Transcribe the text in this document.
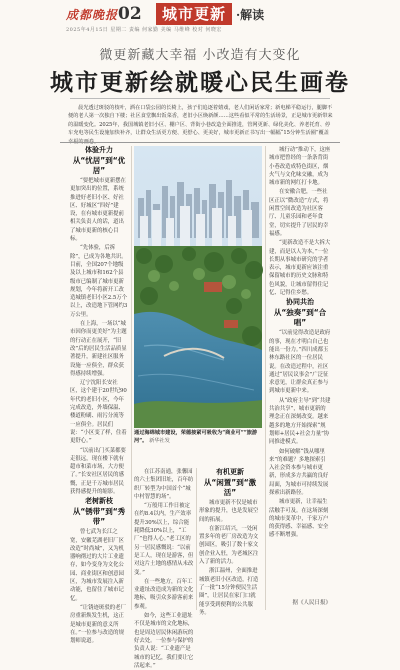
成都晚报 02	城市更新 ·解读
2025年4月15日 星期二 责编 何家勤 美编 马维峰 校对 何晓宏
微更新藏大幸福 小改造有大变化
城市更新绘就暖心民生画卷
晨光透过斑驳的枝叶，洒在口袋公园的长椅上，孩子们追逐着嬉戏，老人们闲话家常；新电梯平稳运行，腿脚不便的老人第一次独自下楼；社区食堂飘出饭菜香，老旧小区焕新颜……这些看似平常的生活场景，正是城市更新带来的温暖变化。2025年，我国城镇老旧小区、棚户区、背街小巷改造全面推进，管网更新、绿化美化、养老托育、停车充电等民生设施加快补齐，让群众生活更方便、更舒心、更美好，城市更新正书写出一幅幅“15分钟生活圈”覆盖

体验升力

从“忧居”到“优居”

“要把城市更新摆在更加突出的位置，系统推进好老旧小区、好社区、好城区“四好”建设，在有城市更新提前相关负责人的话，道出了城市更新的核心目标。

“先体验，后拆除”，已成为各地共识。目前，全国207个地级及以上城市和162个县级市已编制了城市更新规划，今年将新开工改造城镇老旧小区2.5万个以上，改造地下管网约3万公里。

在上海，一场以“城市因你而更美好”为主题的行动正在展开，“旧改”后的居民生活品质显著提升，新建社区服务设施一应俱全，群众获得感持续增强。

辽宁沈阳长安社区，这个建于20世纪90年代的老旧小区，今年完成改造，外墙保温、楼道粉刷、雨污分流等一应俱全。居民们说：“小区变了样，住着更舒心。”

“以前出门买菜都要走很远，现在楼下就有超市和菜市场，大方便了。”长安社区居民的感慨，正是千万城市居民获得感提升的缩影。

老树新枝

从“锈带”到“秀带”

曾七武为长江之宽，安徽芜湖老旧厂区改造“时尚城”，又为机器响彻过的大片工业遗存，如今变身为文化公园、商业街区和创意园区，为城市发展注入新动能，也留住了城市记忆。

“让锈迹斑驳的老厂房重新焕发生机，这正是城市更新的意义所在。”一位参与改造的规划师说道。

通过海绵城市建设，荣德接紧可吸收为“商业可”“旅游河”。 新华社发

在江苏南通，张馨园的六土集团旧址，百年纺织厂转型为中国首个“城中村智慧的场”。

“万般用工作日被定在约8.4以内，生产效率提升30%以上，综合能耗降低30%以上，“工厂”也得人心。”老工区的另一居民感慨说：“以前是工人，现在是游客，但对这片土地的感情从未改变。”

在一些地方，百年工业遗址改造成为新的文化地标，吸引众多游客前来参观。

如今，这些工业遗址不仅是城市的文化地标，也是周边居民休闲游玩的好去处。一位参与保护的负责人说：“工业遗产是城市的记忆，我们要让它活起来。”

有机更新

从“闲置”到“激活”

城市更新不仅是城市形象的提升，也是发展空间的拓展。

在浙江绍兴，一处闲置多年的老厂房改造为文创园区，吸引了数十家文创企业入驻，为老城区注入了新的活力。

浙江温州，全面推进城镇老旧小区改造，打造了一批“15分钟便民生活圈”，让居民在家门口就能享受到便利的公共服务。

城行动”推动下，这座城市把曾经的一条条背街小巷改造成特色街区，烟火气与文化味交融，成为城市新的网红打卡地。

在安徽合肥，一些社区正以“微改造”方式，将闲置空间改造为社区客厅、儿童乐园和老年食堂，切实提升了居民的幸福感。

“更新改造不是大拆大建，而是以人为本，”一位长期从事城市研究的学者表示，城市更新应该注重保留城市的历史文脉和特色风貌，让城市留得住记忆、记得住乡愁。

协同共治

从“独奏”到“合唱”

“以前觉得改造是政府的事，现在才明白自己也能出一份力。”四川成都玉林东路社区的一位居民说。在改造过程中，社区通过“居民议事会”广泛征求意见，让群众真正参与到城市更新中来。

从“政府主导”到“共建共治共享”，城市更新的理念正在深刻改变。越来越多的地方开始探索“规划师+居民+社会力量”协同推进模式。

如何破解“钱从哪里来”的难题？多地探索引入社会资本参与城市更新，形成多方共赢的良好局面，为城市可持续发展探索出新路径。

城市更新，让幸福生活触手可及。在这场深刻的城市变革中，千家万户的获得感、幸福感、安全感不断增强。

据《人民日报》
